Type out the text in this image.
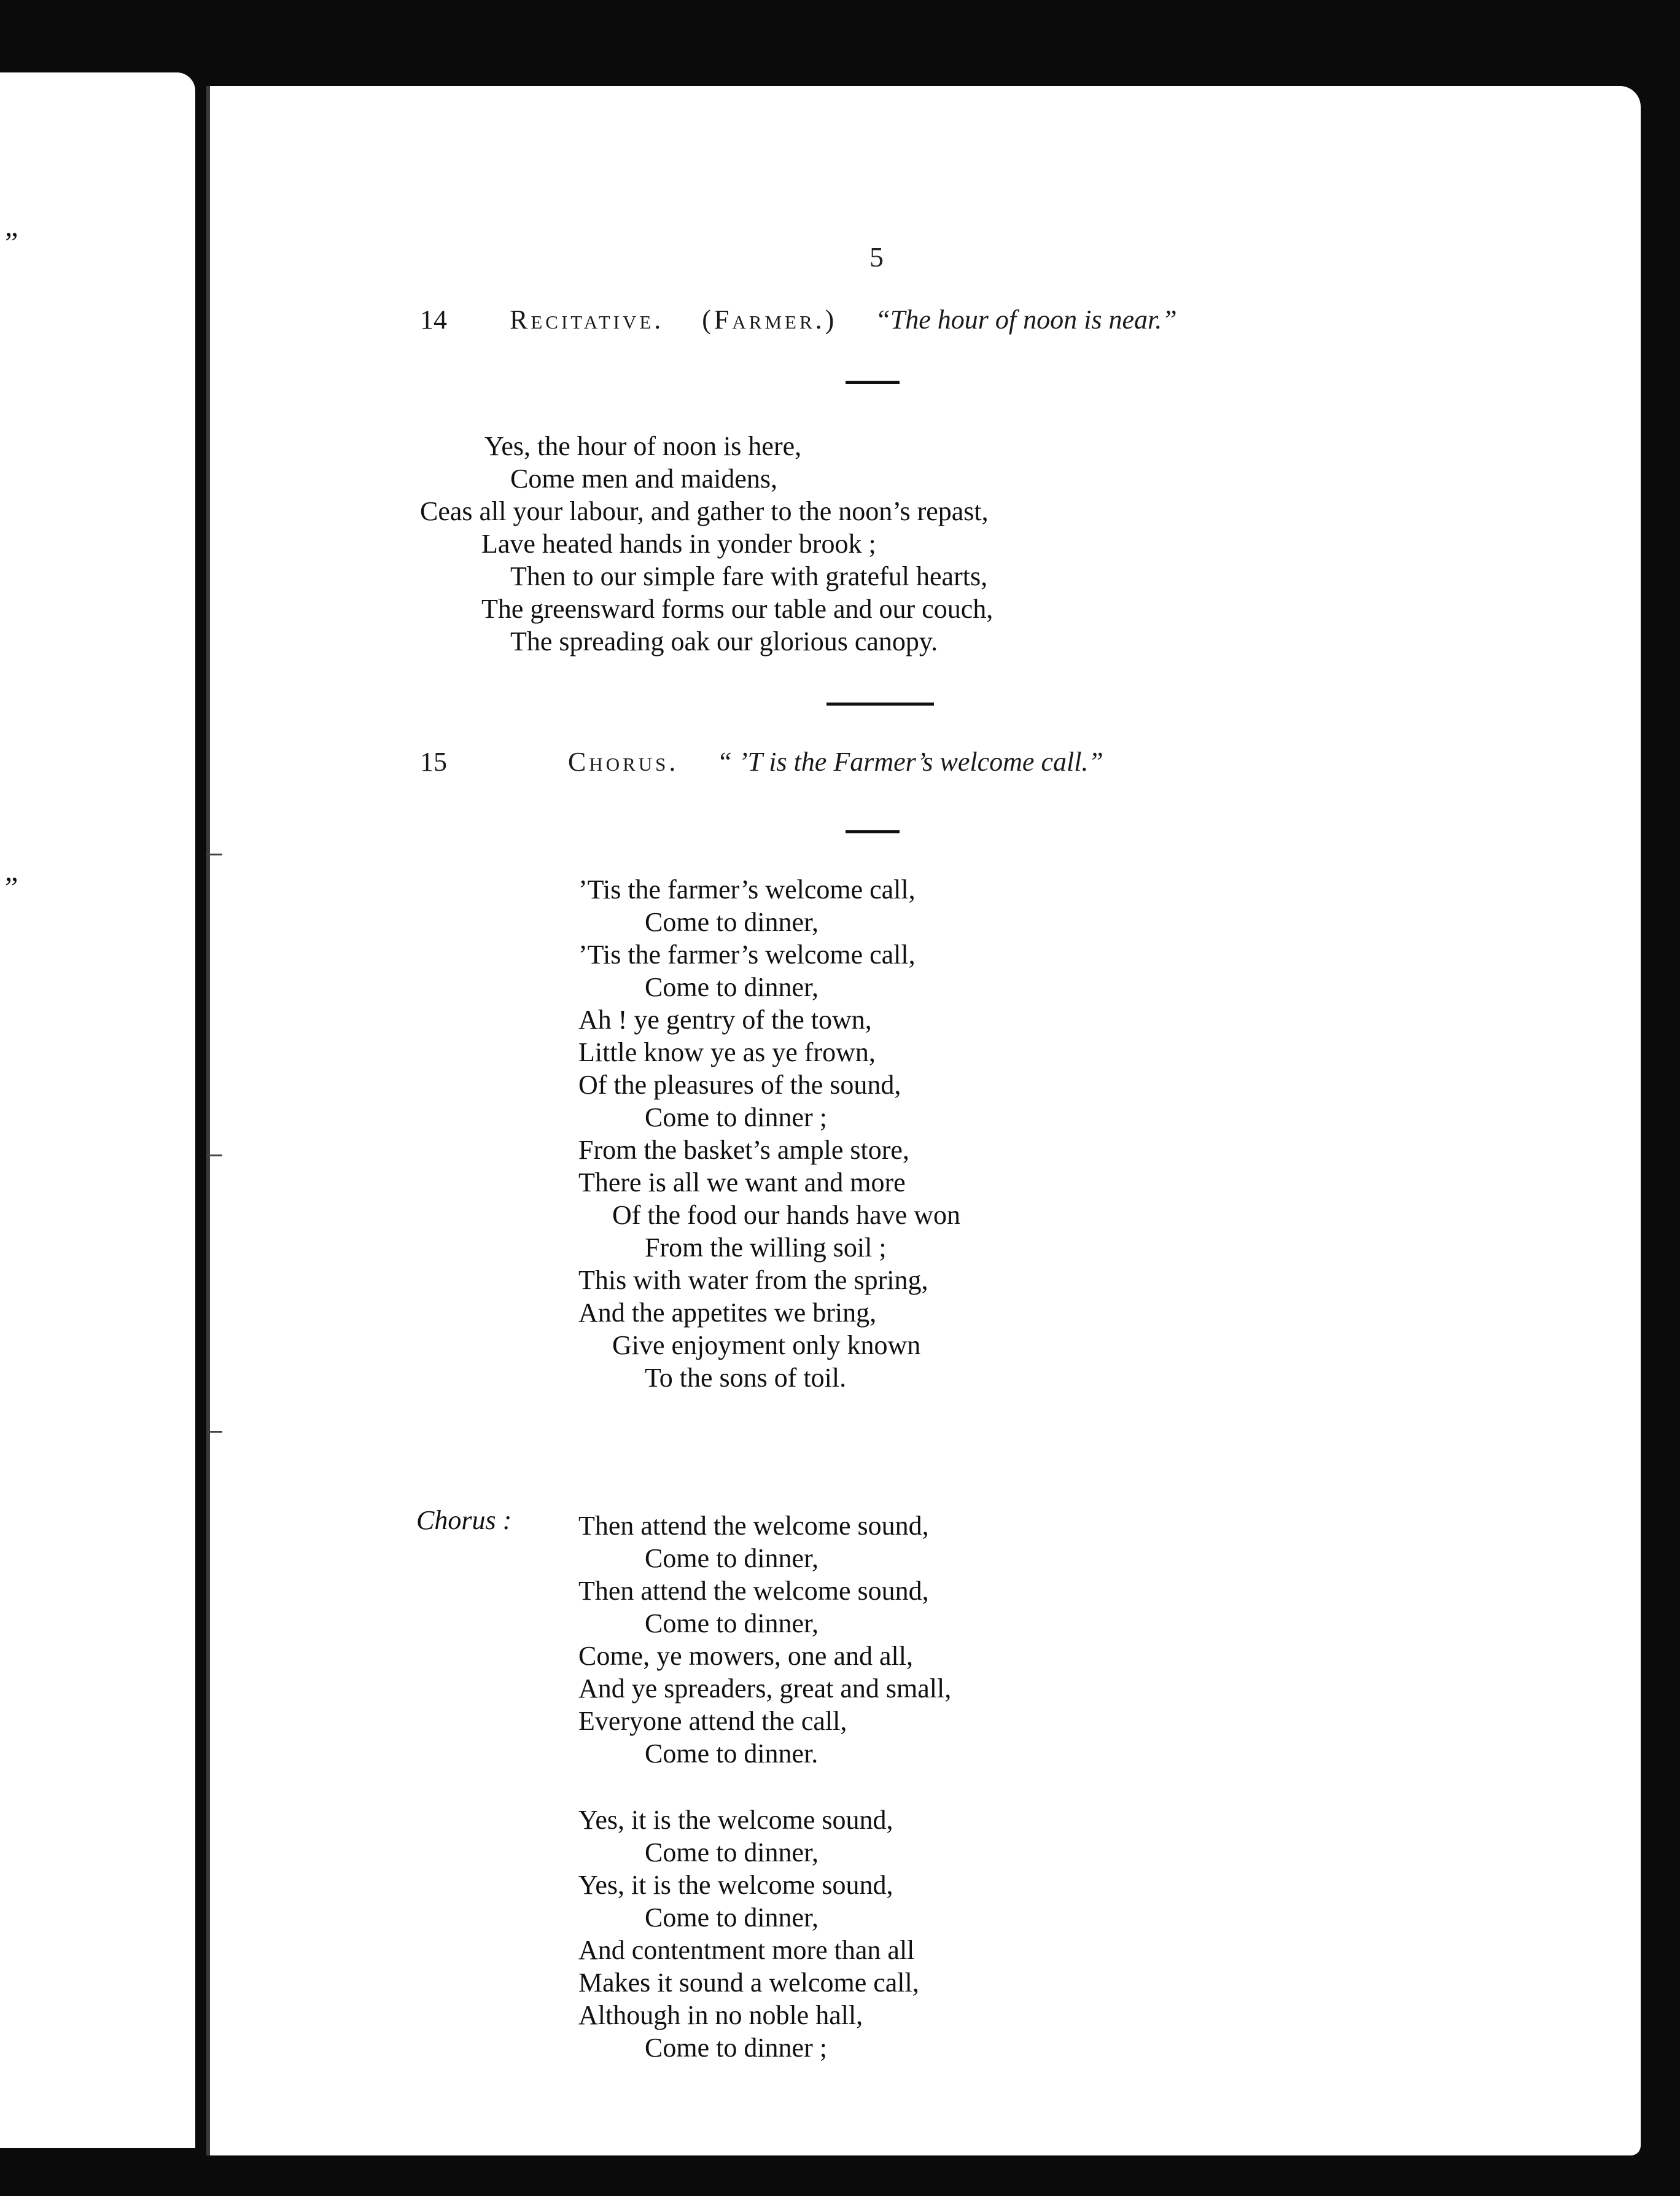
”
”
5
14 Recitative. (Farmer.) “The hour of noon is near.”
Yes, the hour of noon is here,
Come men and maidens,
Ceas all your labour, and gather to the noon’s repast,
Lave heated hands in yonder brook ;
Then to our simple fare with grateful hearts,
The greensward forms our table and our couch,
The spreading oak our glorious canopy.
15	Chorus. “ ’T is the Farmer’s welcome call.”
’Tis the farmer’s welcome call,
Come to dinner,
’Tis the farmer’s welcome call,
Come to dinner,
Ah ! ye gentry of the town,
Little know ye as ye frown,
Of the pleasures of the sound,
Come to dinner ;
From the basket’s ample store,
There is all we want and more
Of the food our hands have won
From the willing soil ;
This with water from the spring,
And the appetites we bring,
Give enjoyment only known
To the sons of toil.
Chorus : Then attend the welcome sound,
Come to dinner,
Then attend the welcome sound,
Come to dinner,
Come, ye mowers, one and all,
And ye spreaders, great and small,
Everyone attend the call,
Come to dinner.
Yes, it is the welcome sound,
Come to dinner,
Yes, it is the welcome sound,
Come to dinner,
And contentment more than all
Makes it sound a welcome call,
Although in no noble hall,
Come to dinner ;
